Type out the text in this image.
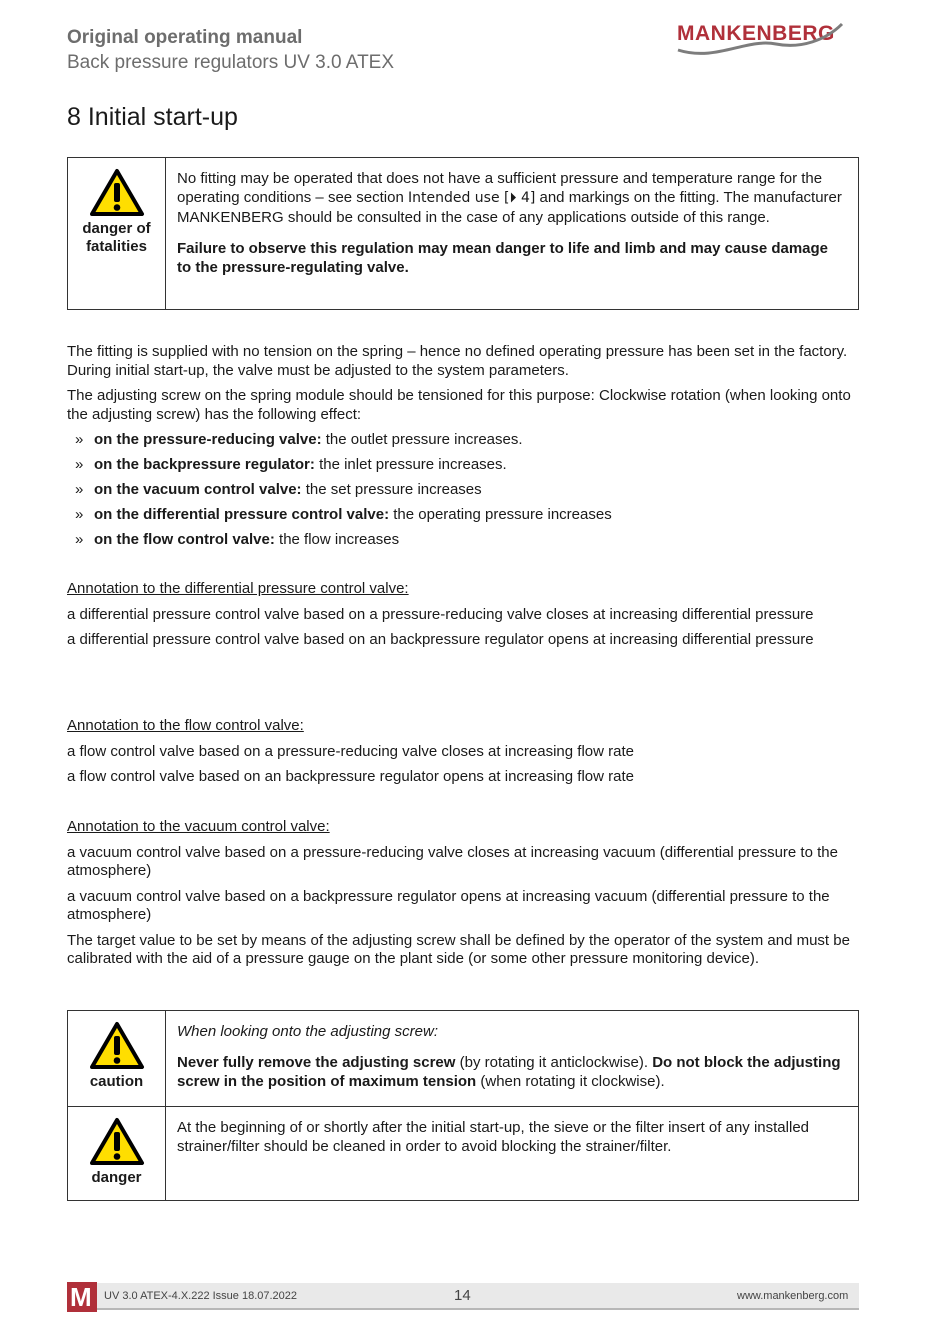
Original operating manual
Back pressure regulators UV 3.0 ATEX
MANKENBERG
8 Initial start-up
danger of fatalities

No fitting may be operated that does not have a sufficient pressure and temperature range for the operating conditions – see section Intended use [⏵ 4] and markings on the fitting. The manufacturer MANKENBERG should be consulted in the case of any applications outside of this range.

Failure to observe this regulation may mean danger to life and limb and may cause damage to the pressure-regulating valve.

The fitting is supplied with no tension on the spring – hence no defined operating pressure has been set in the factory. During initial start-up, the valve must be adjusted to the system parameters.

The adjusting screw on the spring module should be tensioned for this purpose: Clockwise rotation (when looking onto the adjusting screw) has the following effect:

» on the pressure-reducing valve: the outlet pressure increases.
» on the backpressure regulator: the inlet pressure increases.
» on the vacuum control valve: the set pressure increases
» on the differential pressure control valve: the operating pressure increases
» on the flow control valve: the flow increases

Annotation to the differential pressure control valve:

a differential pressure control valve based on a pressure-reducing valve closes at increasing differential pressure

a differential pressure control valve based on an backpressure regulator opens at increasing differential pressure

Annotation to the flow control valve:

a flow control valve based on a pressure-reducing valve closes at increasing flow rate

a flow control valve based on an backpressure regulator opens at increasing flow rate

Annotation to the vacuum control valve:

a vacuum control valve based on a pressure-reducing valve closes at increasing vacuum (differential pressure to the atmosphere)

a vacuum control valve based on a backpressure regulator opens at increasing vacuum (differential pressure to the atmosphere)

The target value to be set by means of the adjusting screw shall be defined by the operator of the system and must be calibrated with the aid of a pressure gauge on the plant side (or some other pressure monitoring device).

caution

When looking onto the adjusting screw:

Never fully remove the adjusting screw (by rotating it anticlockwise). Do not block the adjusting screw in the position of maximum tension (when rotating it clockwise).

danger

At the beginning of or shortly after the initial start-up, the sieve or the filter insert of any installed strainer/filter should be cleaned in order to avoid blocking the strainer/filter.

M UV 3.0 ATEX-4.X.222 Issue 18.07.2022	14	www.mankenberg.com
